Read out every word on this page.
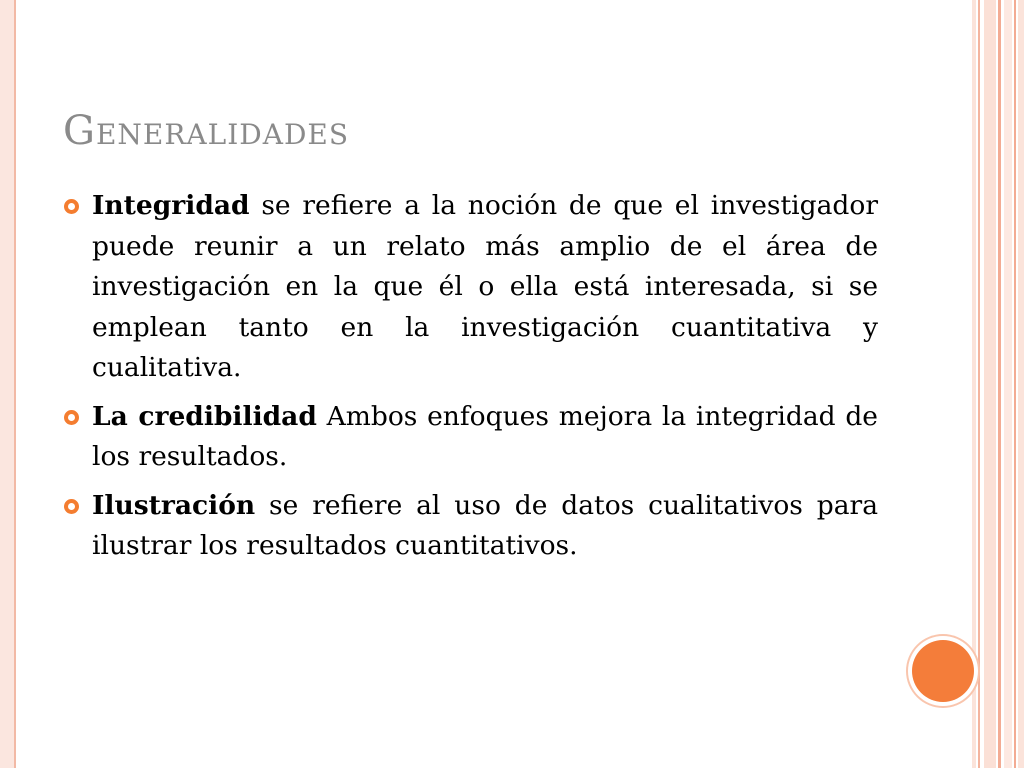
Generalidades

Integridad se refiere a la noción de que el investigador puede reunir a un relato más amplio de el área de investigación en la que él o ella está interesada, si se emplean tanto en la investigación cuantitativa y cualitativa.

La credibilidad Ambos enfoques mejora la integridad de los resultados.

Ilustración se refiere al uso de datos cualitativos para ilustrar los resultados cuantitativos.
